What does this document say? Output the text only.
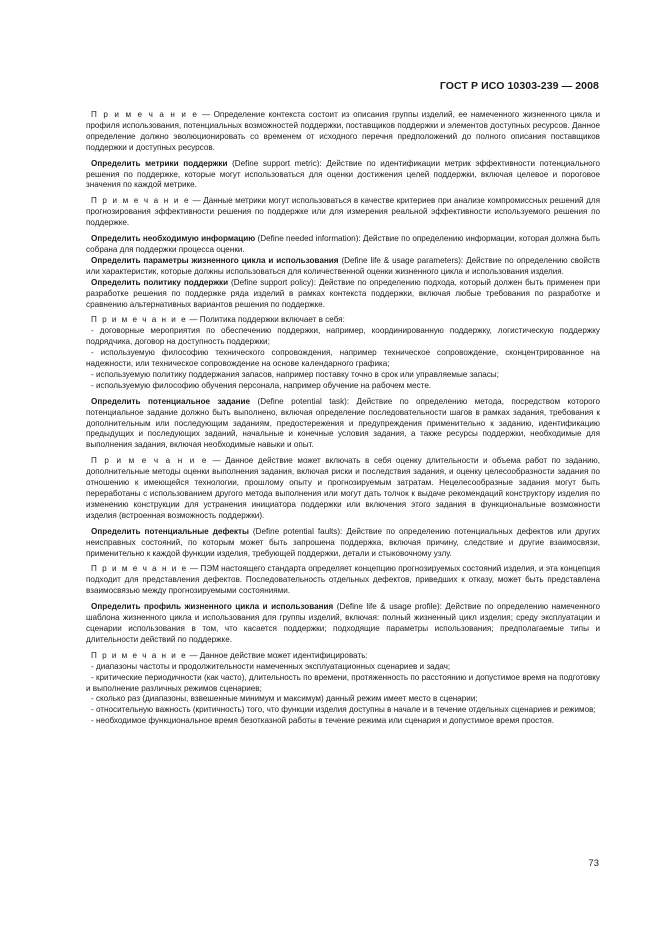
ГОСТ Р ИСО 10303-239 — 2008

П р и м е ч а н и е — Определение контекста состоит из описания группы изделий, ее намеченного жизненного цикла и профиля использования, потенциальных возможностей поддержки, поставщиков поддержки и элементов доступных ресурсов. Данное определение должно эволюционировать со временем от исходного перечня предположений до полного описания поставщиков поддержки и доступных ресурсов.

Определить метрики поддержки (Define support metric): Действие по идентификации метрик эффективности потенциального решения по поддержке, которые могут использоваться для оценки достижения целей поддержки, включая целевое и пороговое значения по каждой метрике.

П р и м е ч а н и е — Данные метрики могут использоваться в качестве критериев при анализе компромиссных решений для прогнозирования эффективности решения по поддержке или для измерения реальной эффективности используемого решения по поддержке.

Определить необходимую информацию (Define needed information): Действие по определению информации, которая должна быть собрана для поддержки процесса оценки.

Определить параметры жизненного цикла и использования (Define life & usage parameters): Действие по определению свойств или характеристик, которые должны использоваться для количественной оценки жизненного цикла и использования изделия.

Определить политику поддержки (Define support policy): Действие по определению подхода, который должен быть применен при разработке решения по поддержке ряда изделий в рамках контекста поддержки, включая любые требования по разработке и сравнению альтернативных вариантов решения по поддержке.

П р и м е ч а н и е — Политика поддержки включает в себя:

- договорные мероприятия по обеспечению поддержки, например, координированную поддержку, логистическую поддержку подрядчика, договор на доступность поддержки;

- используемую философию технического сопровождения, например техническое сопровождение, сконцентрированное на надежности, или техническое сопровождение на основе календарного графика;

- используемую политику поддержания запасов, например поставку точно в срок или управляемые запасы;

- используемую философию обучения персонала, например обучение на рабочем месте.

Определить потенциальное задание (Define potential task): Действие по определению метода, посредством которого потенциальное задание должно быть выполнено, включая определение последовательности шагов в рамках задания, требования к дополнительным или последующим заданиям, предостережения и предупреждения применительно к заданию, идентификацию предыдущих и последующих заданий, начальные и конечные условия задания, а также ресурсы поддержки, необходимые для выполнения задания, включая необходимые навыки и опыт.

П р и м е ч а н и е — Данное действие может включать в себя оценку длительности и объема работ по заданию, дополнительные методы оценки выполнения задания, включая риски и последствия задания, и оценку целесообразности задания по отношению к имеющейся технологии, прошлому опыту и прогнозируемым затратам. Нецелесообразные задания могут быть переработаны с использованием другого метода выполнения или могут дать толчок к выдаче рекомендаций конструктору изделия по изменению конструкции для устранения инициатора поддержки или включения этого задания в функциональные возможности изделия (встроенная возможность поддержки).

Определить потенциальные дефекты (Define potential faults): Действие по определению потенциальных дефектов или других неисправных состояний, по которым может быть запрошена поддержка, включая причину, следствие и другие взаимосвязи, применительно к каждой функции изделия, требующей поддержки, детали и стыковочному узлу.

П р и м е ч а н и е — ПЭМ настоящего стандарта определяет концепцию прогнозируемых состояний изделия, и эта концепция подходит для представления дефектов. Последовательность отдельных дефектов, приведших к отказу, может быть представлена взаимосвязью между прогнозируемыми состояниями.

Определить профиль жизненного цикла и использования (Define life & usage profile): Действие по определению намеченного шаблона жизненного цикла и использования для группы изделий, включая: полный жизненный цикл изделия; среду эксплуатации и сценарии использования в том, что касается поддержки; подходящие параметры использования; предполагаемые типы и длительности действий по поддержке.

П р и м е ч а н и е — Данное действие может идентифицировать:

- диапазоны частоты и продолжительности намеченных эксплуатационных сценариев и задач;

- критические периодичности (как часто), длительность по времени, протяженность по расстоянию и допустимое время на подготовку и выполнение различных режимов сценариев;

- сколько раз (диапазоны, взвешенные минимум и максимум) данный режим имеет место в сценарии;

- относительную важность (критичность) того, что функции изделия доступны в начале и в течение отдельных сценариев и режимов;

- необходимое функциональное время безотказной работы в течение режима или сценария и допустимое время простоя.

73
